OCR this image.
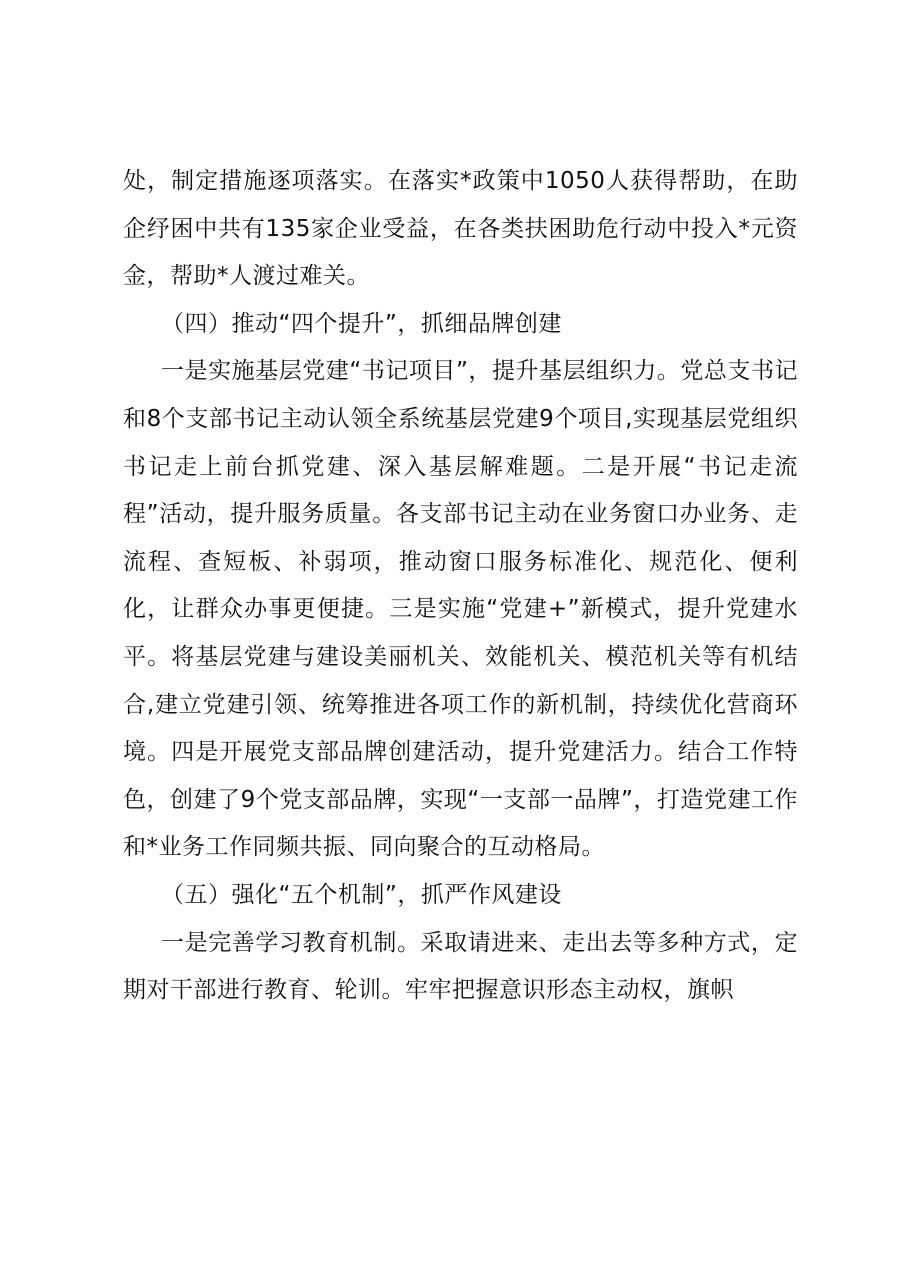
处，制定措施逐项落实。在落实*政策中1050人获得帮助，在助企纾困中共有135家企业受益，在各类扶困助危行动中投入*元资金，帮助*人渡过难关。

（四）推动“四个提升”，抓细品牌创建

一是实施基层党建“书记项目”，提升基层组织力。党总支书记和8个支部书记主动认领全系统基层党建9个项目,实现基层党组织书记走上前台抓党建、深入基层解难题。二是开展“书记走流程”活动，提升服务质量。各支部书记主动在业务窗口办业务、走流程、查短板、补弱项，推动窗口服务标准化、规范化、便利化，让群众办事更便捷。三是实施“党建+”新模式，提升党建水平。将基层党建与建设美丽机关、效能机关、模范机关等有机结合,建立党建引领、统筹推进各项工作的新机制，持续优化营商环境。四是开展党支部品牌创建活动，提升党建活力。结合工作特色，创建了9个党支部品牌，实现“一支部一品牌”，打造党建工作和*业务工作同频共振、同向聚合的互动格局。

（五）强化“五个机制”，抓严作风建设

一是完善学习教育机制。采取请进来、走出去等多种方式，定期对干部进行教育、轮训。牢牢把握意识形态主动权，旗帜
